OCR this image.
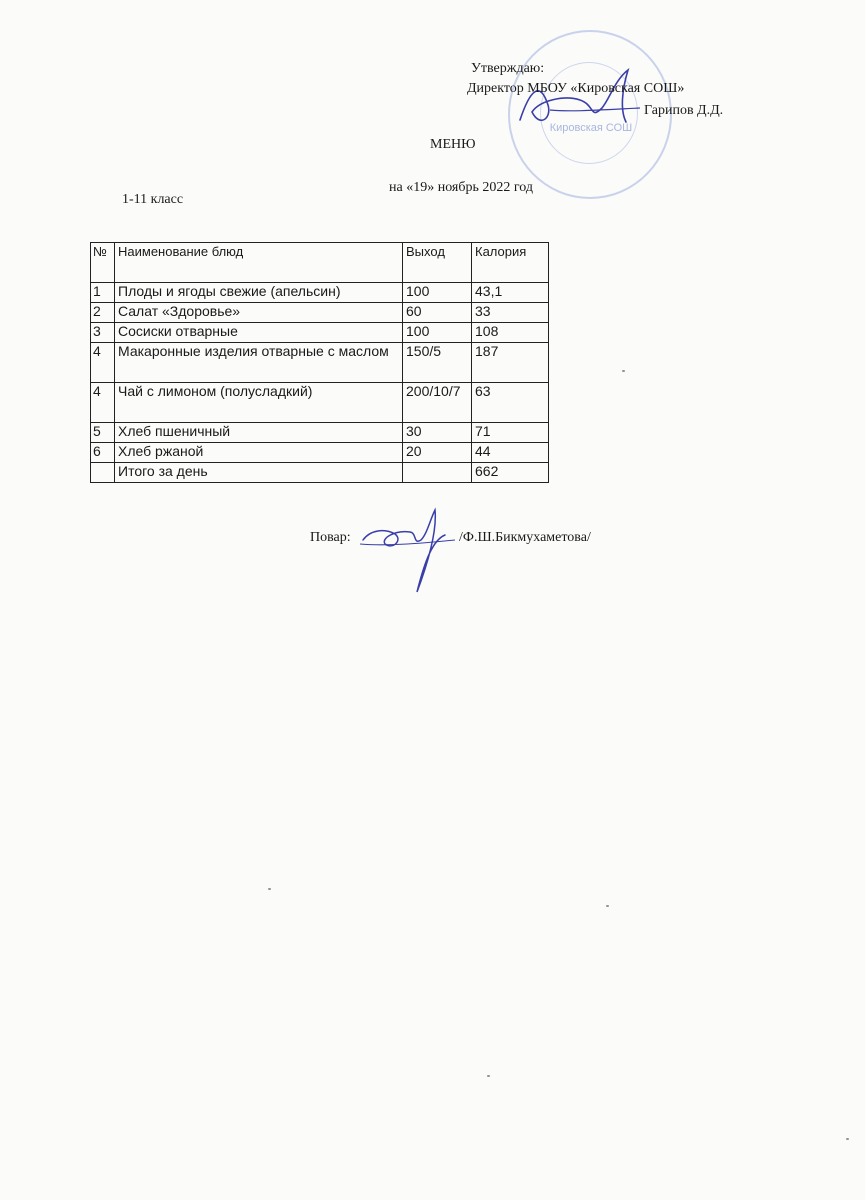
Кировская СОШ
Утверждаю:
Директор МБОУ «Кировская СОШ»
Гарипов Д.Д.
МЕНЮ
на «19» ноябрь 2022 год
1-11 класс
№	Наименование блюд	Выход	Калория
1	Плоды и ягоды свежие (апельсин)	100	43,1
2	Салат «Здоровье»	60	33
3	Сосиски отварные	100	108
4	Макаронные изделия отварные с маслом	150/5	187
4	Чай с лимоном (полусладкий)	200/10/7	63
5	Хлеб пшеничный	30	71
6	Хлеб ржаной	20	44
	Итого за день		662
Повар:	/Ф.Ш.Бикмухаметова/
